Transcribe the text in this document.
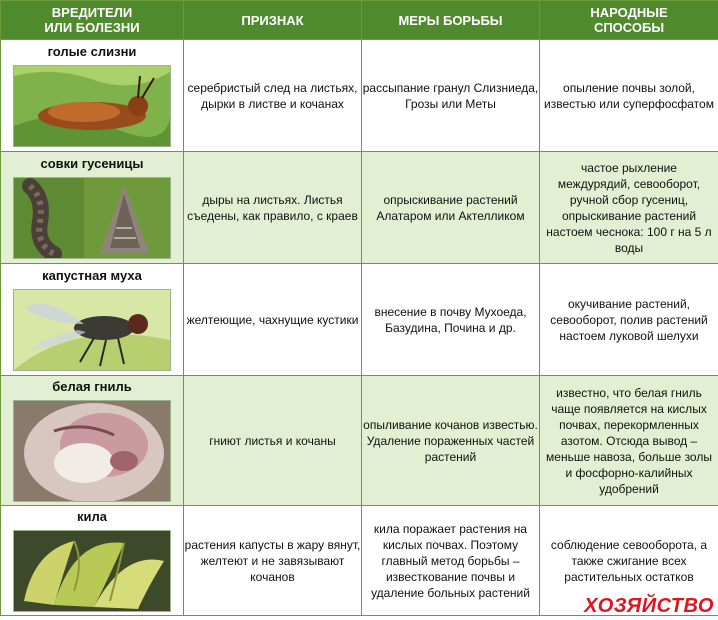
ВРЕДИТЕЛИ
ИЛИ БОЛЕЗНИ	ПРИЗНАК	МЕРЫ БОРЬБЫ	НАРОДНЫЕ
СПОСОБЫ

голые слизни	серебристый след на листьях, дырки в листве и кочанах	рассыпание гранул Слизниеда, Грозы или Меты	опыление почвы золой, известью или суперфосфатом

совки гусеницы	дыры на листьях. Листья съедены, как правило, с краев	опрыскивание растений Алатаром или Актелликом	частое рыхление междурядий, севооборот, ручной сбор гусениц, опрыскивание растений настоем чеснока: 100 г на 5 л воды

капустная муха	желтеющие, чахнущие кустики	внесение в почву Мухоеда, Базудина, Почина и др.	окучивание растений, севооборот, полив растений настоем луковой шелухи

белая гниль	гниют листья и кочаны	опыливание кочанов известью. Удаление пораженных частей растений	известно, что белая гниль чаще появляется на кислых почвах, перекормленных азотом. Отсюда вывод – меньше навоза, больше золы и фосфорно-калийных удобрений

кила	растения капусты в жару вянут, желтеют и не завязывают кочанов	кила поражает растения на кислых почвах. Поэтому главный метод борьбы – известкование почвы и удаление больных растений	соблюдение севооборота, а также сжигание всех растительных остатков
ХОЗЯЙСТВО
